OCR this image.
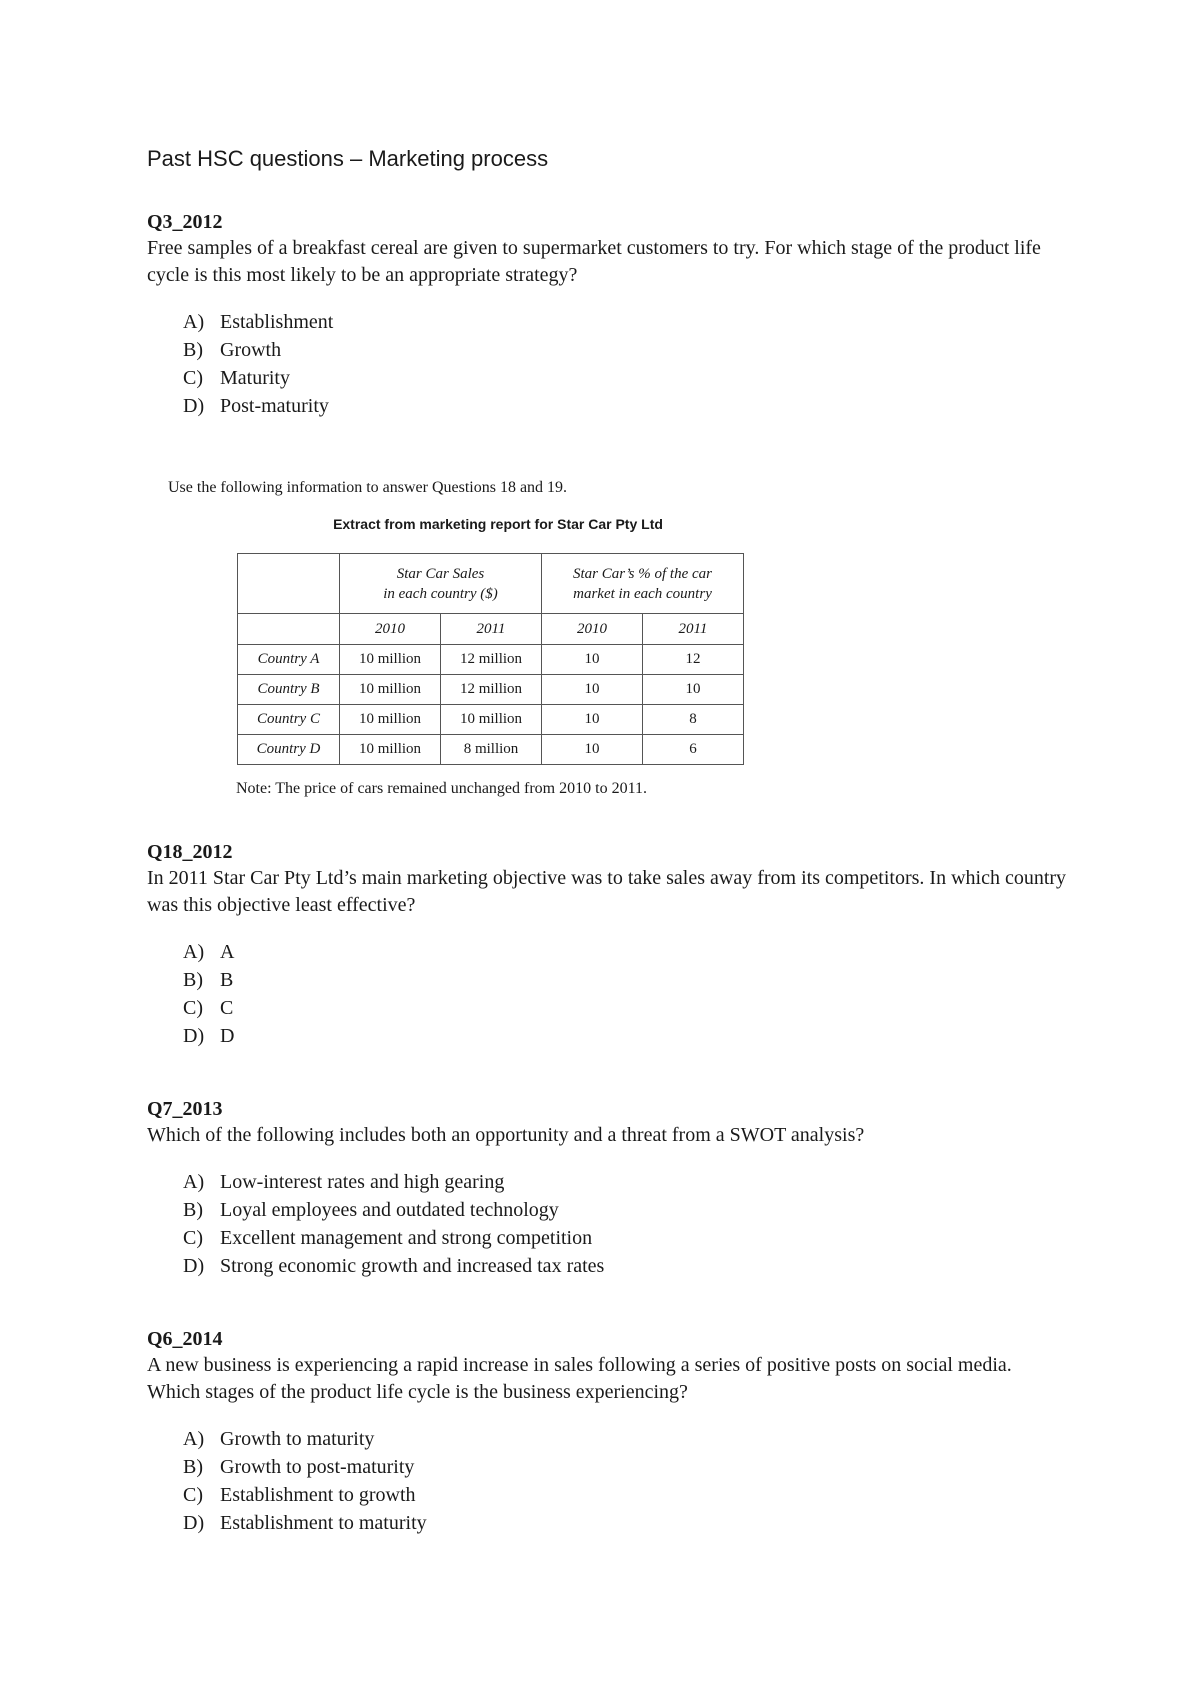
Past HSC questions – Marketing process

Q3_2012

Free samples of a breakfast cereal are given to supermarket customers to try. For which stage of the product life cycle is this most likely to be an appropriate strategy?

A) Establishment
B) Growth
C) Maturity
D) Post-maturity

Use the following information to answer Questions 18 and 19.

Extract from marketing report for Star Car Pty Ltd

	Star Car Sales
in each country ($)		Star Car’s % of the car
market in each country	
	2010	2011	2010	2011
Country A	10 million	12 million	10	12
Country B	10 million	12 million	10	10
Country C	10 million	10 million	10	8
Country D	10 million	8 million	10	6

Note: The price of cars remained unchanged from 2010 to 2011.

Q18_2012

In 2011 Star Car Pty Ltd’s main marketing objective was to take sales away from its competitors. In which country was this objective least effective?

A) A
B) B
C) C
D) D

Q7_2013

Which of the following includes both an opportunity and a threat from a SWOT analysis?

A) Low-interest rates and high gearing
B) Loyal employees and outdated technology
C) Excellent management and strong competition
D) Strong economic growth and increased tax rates

Q6_2014

A new business is experiencing a rapid increase in sales following a series of positive posts on social media. Which stages of the product life cycle is the business experiencing?

A) Growth to maturity
B) Growth to post-maturity
C) Establishment to growth
D) Establishment to maturity
